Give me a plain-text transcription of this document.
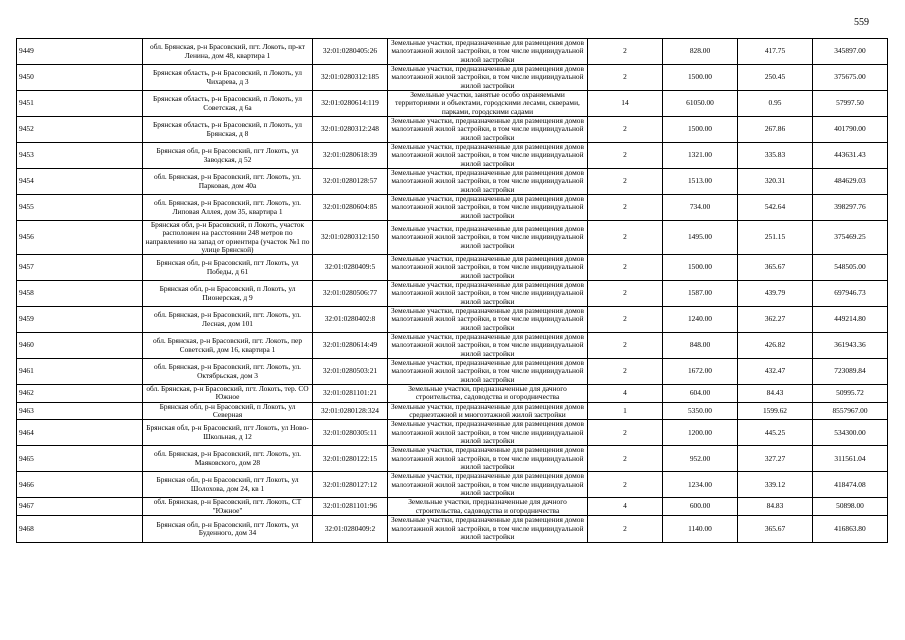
559
9449	обл. Брянская, р-н Брасовский, пгт. Локоть, пр-кт Ленина, дом 48, квартира 1	32:01:0280405:26	Земельные участки, предназначенные для размещения домов малоэтажной жилой застройки, в том числе индивидуальной жилой застройки	2	828.00	417.75	345897.00
9450	Брянская область, р-н Брасовский, п Локоть, ул Чихарева, д 3	32:01:0280312:185	Земельные участки, предназначенные для размещения домов малоэтажной жилой застройки, в том числе индивидуальной жилой застройки	2	1500.00	250.45	375675.00
9451	Брянская область, р-н Брасовский, п Локоть, ул Советская, д 6а	32:01:0280614:119	Земельные участки, занятые особо охраняемыми территориями и объектами, городскими лесами, скверами, парками, городскими садами	14	61050.00	0.95	57997.50
9452	Брянская область, р-н Брасовский, п Локоть, ул Брянская, д 8	32:01:0280312:248	Земельные участки, предназначенные для размещения домов малоэтажной жилой застройки, в том числе индивидуальной жилой застройки	2	1500.00	267.86	401790.00
9453	Брянская обл, р-н Брасовский, пгт Локоть, ул Заводская, д 52	32:01:0280618:39	Земельные участки, предназначенные для размещения домов малоэтажной жилой застройки, в том числе индивидуальной жилой застройки	2	1321.00	335.83	443631.43
9454	обл. Брянская, р-н Брасовский, пгт. Локоть, ул. Парковая, дом 40а	32:01:0280128:57	Земельные участки, предназначенные для размещения домов малоэтажной жилой застройки, в том числе индивидуальной жилой застройки	2	1513.00	320.31	484629.03
9455	обл. Брянская, р-н Брасовский, пгт. Локоть, ул. Липовая Аллея, дом 35, квартира 1	32:01:0280604:85	Земельные участки, предназначенные для размещения домов малоэтажной жилой застройки, в том числе индивидуальной жилой застройки	2	734.00	542.64	398297.76
9456	Брянская обл, р-н Брасовский, п Локоть, участок расположен на расстоянии 248 метров по направлению на запад от ориентира (участок №1 по улице Брянской)	32:01:0280312:150	Земельные участки, предназначенные для размещения домов малоэтажной жилой застройки, в том числе индивидуальной жилой застройки	2	1495.00	251.15	375469.25
9457	Брянская обл, р-н Брасовский, пгт Локоть, ул Победы, д 61	32:01:0280409:5	Земельные участки, предназначенные для размещения домов малоэтажной жилой застройки, в том числе индивидуальной жилой застройки	2	1500.00	365.67	548505.00
9458	Брянская обл, р-н Брасовский, п Локоть, ул Пионерская, д 9	32:01:0280506:77	Земельные участки, предназначенные для размещения домов малоэтажной жилой застройки, в том числе индивидуальной жилой застройки	2	1587.00	439.79	697946.73
9459	обл. Брянская, р-н Брасовский, пгт. Локоть, ул. Лесная, дом 101	32:01:0280402:8	Земельные участки, предназначенные для размещения домов малоэтажной жилой застройки, в том числе индивидуальной жилой застройки	2	1240.00	362.27	449214.80
9460	обл. Брянская, р-н Брасовский, пгт. Локоть, пер Советский, дом 16, квартира 1	32:01:0280614:49	Земельные участки, предназначенные для размещения домов малоэтажной жилой застройки, в том числе индивидуальной жилой застройки	2	848.00	426.82	361943.36
9461	обл. Брянская, р-н Брасовский, пгт. Локоть, ул. Октябрьская, дом 3	32:01:0280503:21	Земельные участки, предназначенные для размещения домов малоэтажной жилой застройки, в том числе индивидуальной жилой застройки	2	1672.00	432.47	723089.84
9462	обл. Брянская, р-н Брасовский, пгт. Локоть, тер. СО Южное	32:01:0281101:21	Земельные участки, предназначенные для дачного строительства, садоводства и огородничества	4	604.00	84.43	50995.72
9463	Брянская обл, р-н Брасовский, п Локоть, ул Северная	32:01:0280128:324	Земельные участки, предназначенные для размещения домов среднеэтажной и многоэтажной жилой застройки	1	5350.00	1599.62	8557967.00
9464	Брянская обл, р-н Брасовский, пгт Локоть, ул Ново-Школьная, д 12	32:01:0280305:11	Земельные участки, предназначенные для размещения домов малоэтажной жилой застройки, в том числе индивидуальной жилой застройки	2	1200.00	445.25	534300.00
9465	обл. Брянская, р-н Брасовский, пгт. Локоть, ул. Маяковского, дом 28	32:01:0280122:15	Земельные участки, предназначенные для размещения домов малоэтажной жилой застройки, в том числе индивидуальной жилой застройки	2	952.00	327.27	311561.04
9466	Брянская обл, р-н Брасовский, пгт Локоть, ул Шолохова, дом 24, кв 1	32:01:0280127:12	Земельные участки, предназначенные для размещения домов малоэтажной жилой застройки, в том числе индивидуальной жилой застройки	2	1234.00	339.12	418474.08
9467	обл. Брянская, р-н Брасовский, пгт. Локоть, СТ "Южное"	32:01:0281101:96	Земельные участки, предназначенные для дачного строительства, садоводства и огородничества	4	600.00	84.83	50898.00
9468	Брянская обл, р-н Брасовский, пгт Локоть, ул Буденного, дом 34	32:01:0280409:2	Земельные участки, предназначенные для размещения домов малоэтажной жилой застройки, в том числе индивидуальной жилой застройки	2	1140.00	365.67	416863.80
